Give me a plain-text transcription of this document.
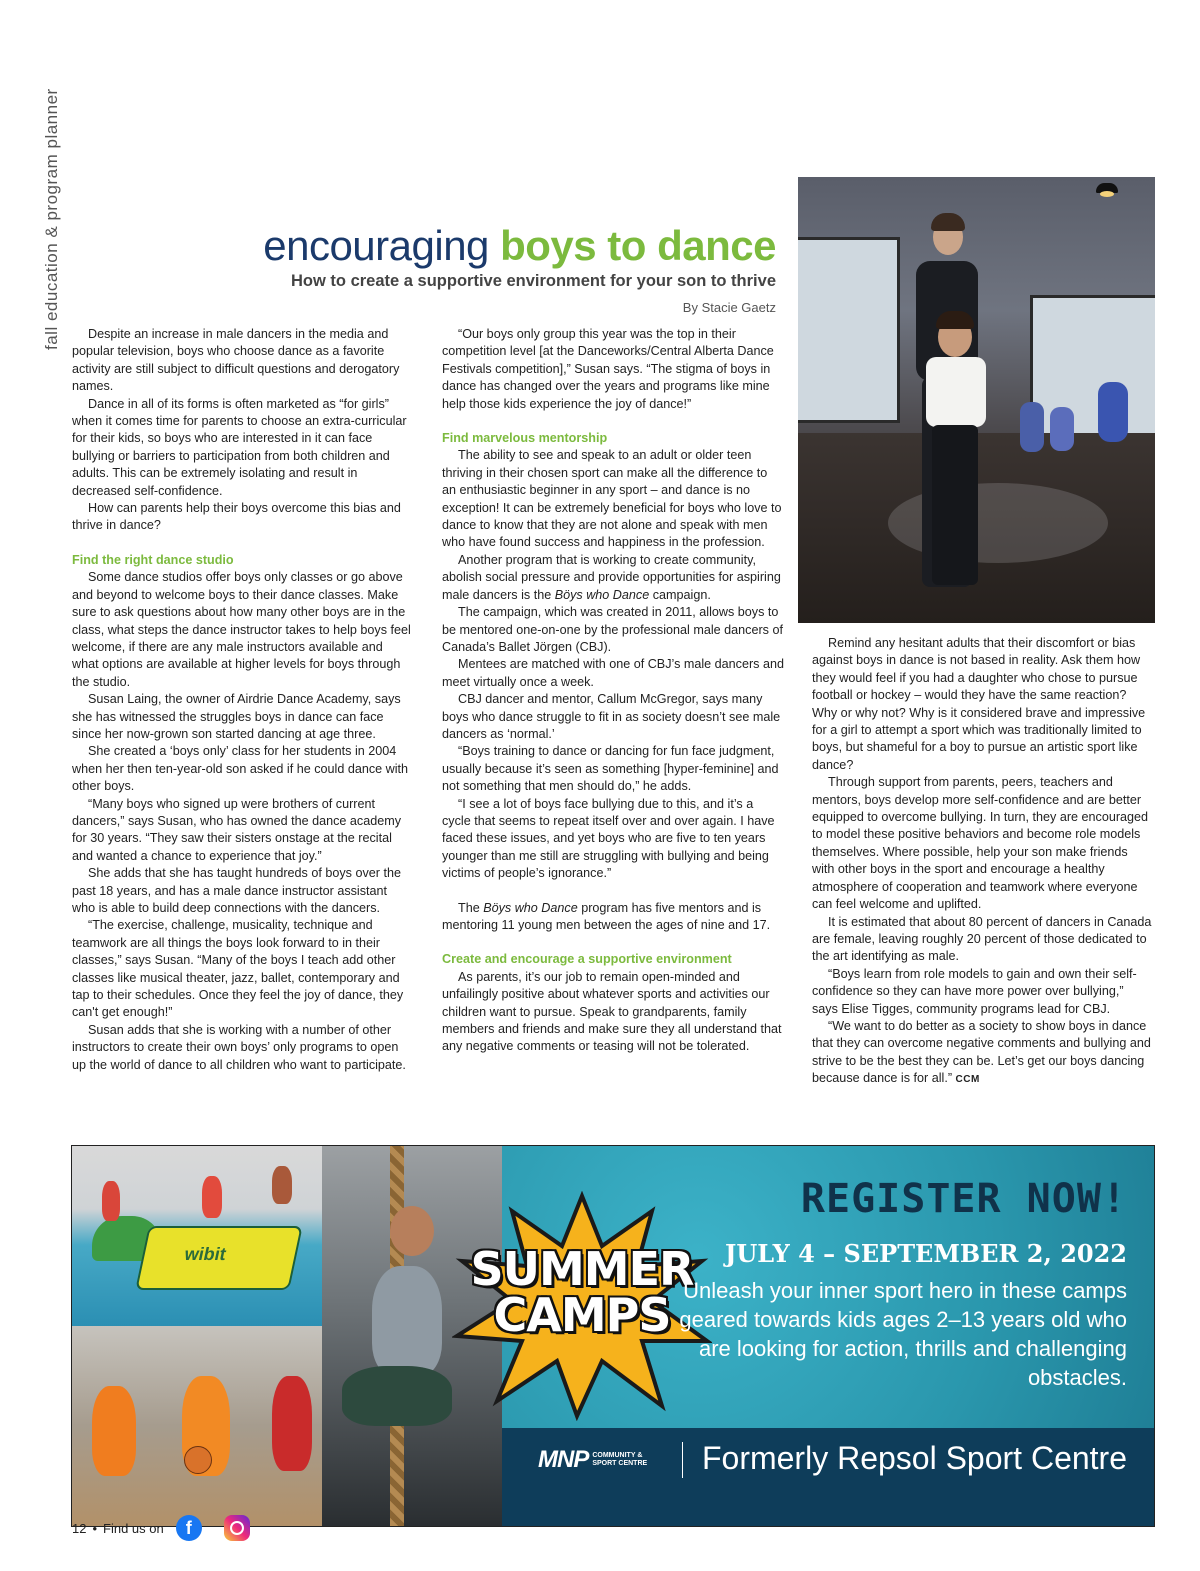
fall education & program planner	encouraging boys to dance
How to create a supportive environment for your son to thrive
By Stacie Gaetz

Despite an increase in male dancers in the media and popular television, boys who choose dance as a favorite activity are still subject to difficult questions and derogatory names.

Dance in all of its forms is often marketed as “for girls” when it comes time for parents to choose an extra-curricular for their kids, so boys who are interested in it can face bullying or barriers to participation from both children and adults. This can be extremely isolating and result in decreased self-confidence.

How can parents help their boys overcome this bias and thrive in dance?

Find the right dance studio

Some dance studios offer boys only classes or go above and beyond to welcome boys to their dance classes. Make sure to ask questions about how many other boys are in the class, what steps the dance instructor takes to help boys feel welcome, if there are any male instructors available and what options are available at higher levels for boys through the studio.

Susan Laing, the owner of Airdrie Dance Academy, says she has witnessed the struggles boys in dance can face since her now-grown son started dancing at age three.

She created a ‘boys only’ class for her students in 2004 when her then ten-year-old son asked if he could dance with other boys.

“Many boys who signed up were brothers of current dancers,” says Susan, who has owned the dance academy for 30 years. “They saw their sisters onstage at the recital and wanted a chance to experience that joy.”

She adds that she has taught hundreds of boys over the past 18 years, and has a male dance instructor assistant who is able to build deep connections with the dancers.

“The exercise, challenge, musicality, technique and teamwork are all things the boys look forward to in their classes,” says Susan. “Many of the boys I teach add other classes like musical theater, jazz, ballet, contemporary and tap to their schedules. Once they feel the joy of dance, they can't get enough!”

Susan adds that she is working with a number of other instructors to create their own boys’ only programs to open up the world of dance to all children who want to participate.

“Our boys only group this year was the top in their competition level [at the Danceworks/Central Alberta Dance Festivals competition],” Susan says. “The stigma of boys in dance has changed over the years and programs like mine help those kids experience the joy of dance!”

Find marvelous mentorship

The ability to see and speak to an adult or older teen thriving in their chosen sport can make all the difference to an enthusiastic beginner in any sport – and dance is no exception! It can be extremely beneficial for boys who love to dance to know that they are not alone and speak with men who have found success and happiness in the profession.

Another program that is working to create community, abolish social pressure and provide opportunities for aspiring male dancers is the Böys who Dance campaign.

The campaign, which was created in 2011, allows boys to be mentored one-on-one by the professional male dancers of Canada’s Ballet Jörgen (CBJ).

Mentees are matched with one of CBJ’s male dancers and meet virtually once a week.

CBJ dancer and mentor, Callum McGregor, says many boys who dance struggle to fit in as society doesn’t see male dancers as ‘normal.’

“Boys training to dance or dancing for fun face judgment, usually because it’s seen as something [hyper-feminine] and not something that men should do,” he adds.

“I see a lot of boys face bullying due to this, and it’s a cycle that seems to repeat itself over and over again. I have faced these issues, and yet boys who are five to ten years younger than me still are struggling with bullying and being victims of people’s ignorance.”

The Böys who Dance program has five mentors and is mentoring 11 young men between the ages of nine and 17.

Create and encourage a supportive environment

As parents, it’s our job to remain open-minded and unfailingly positive about whatever sports and activities our children want to pursue. Speak to grandparents, family members and friends and make sure they all understand that any negative comments or teasing will not be tolerated.

Remind any hesitant adults that their discomfort or bias against boys in dance is not based in reality. Ask them how they would feel if you had a daughter who chose to pursue football or hockey – would they have the same reaction? Why or why not? Why is it considered brave and impressive for a girl to attempt a sport which was traditionally limited to boys, but shameful for a boy to pursue an artistic sport like dance?

Through support from parents, peers, teachers and mentors, boys develop more self-confidence and are better equipped to overcome bullying. In turn, they are encouraged to model these positive behaviors and become role models themselves. Where possible, help your son make friends with other boys in the sport and encourage a healthy atmosphere of cooperation and teamwork where everyone can feel welcome and uplifted.

It is estimated that about 80 percent of dancers in Canada are female, leaving roughly 20 percent of those dedicated to the art identifying as male.

“Boys learn from role models to gain and own their self-confidence so they can have more power over bullying,” says Elise Tigges, community programs lead for CBJ.

“We want to do better as a society to show boys in dance that they can overcome negative comments and bullying and strive to be the best they can be. Let’s get our boys dancing because dance is for all.” CCM

wibit	SUMMER
CAMPS
REGISTER NOW!
JULY 4 – SEPTEMBER 2, 2022
Unleash your inner sport hero in these camps geared towards kids ages 2–13 years old who are looking for action, thrills and challenging obstacles.
MNP COMMUNITY &
SPORT CENTRE	Formerly Repsol Sport Centre
12 • Find us on	f
